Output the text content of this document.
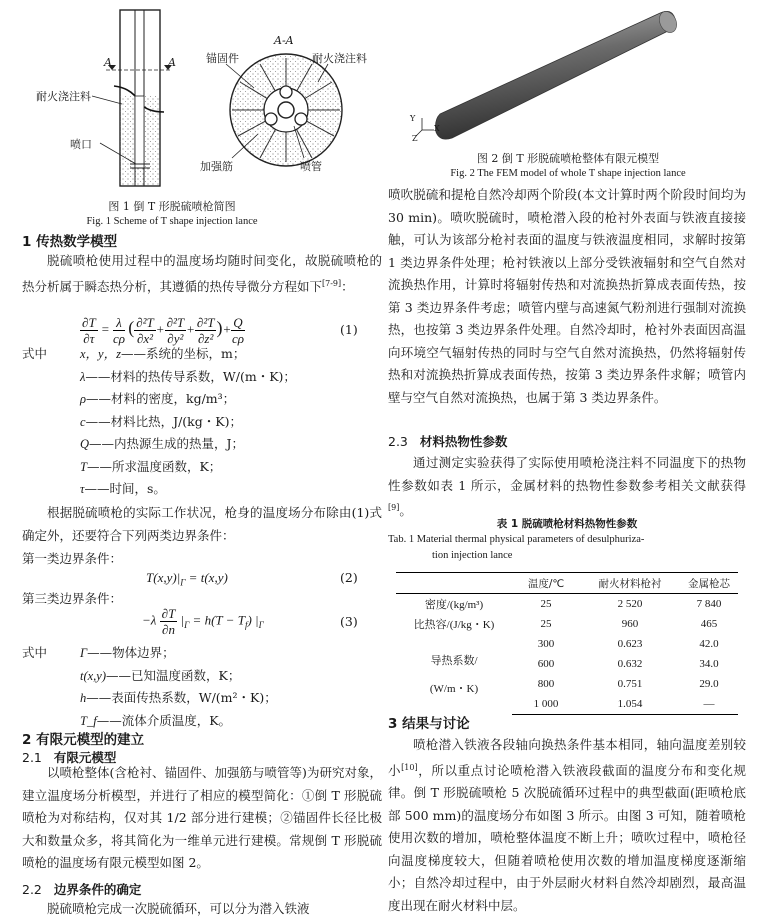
A	A
耐火浇注料
喷口
A-A
锚固件	耐火浇注料
加强筋	喷管
图 1 倒 T 形脱硫喷枪简图
Fig. 1 Scheme of T shape injection lance
Y
X
Z
图 2 倒 T 形脱硫喷枪整体有限元模型
Fig. 2 The FEM model of whole T shape injection lance
1 传热数学模型

脱硫喷枪使用过程中的温度场均随时间变化，故脱硫喷枪的热分析属于瞬态热分析，其遵循的热传导微分方程如下[7-9]：

$\frac{\partial T}{\partial\tau} = \frac{\lambda}{c\rho}$ ( $\frac{\text{∂²T}}{\text{∂x²}} + \frac{\text{∂²T}}{\text{∂y²}} + \frac{\text{∂²T}}{\text{∂z²}}$ )+ $\frac{Q}{c\rho}$	(1)
式中	x，y，z——系统的坐标，m；
λ——材料的热传导系数，W/(m・K)；
ρ——材料的密度，kg/m³；
c——材料比热，J/(kg・K)；
Q——内热源生成的热量，J；
T——所求温度函数，K；
τ——时间，s。

根据脱硫喷枪的实际工作状况，枪身的温度场分布除由(1)式确定外，还要符合下列两类边界条件：

第一类边界条件：
$T(x,y)|_\Gamma = t(x,y)$	(2)
第三类边界条件：
$-\lambda \frac{\partial T}{\partial n} |_\Gamma = h(T - T_f)$ $|_\Gamma$	(3)
式中	Γ——物体边界；
t(x,y)——已知温度函数，K；
h——表面传热系数，W/(m²・K)；
T_f——流体介质温度，K。
2 有限元模型的建立
2.1 有限元模型

以喷枪整体(含枪衬、锚固件、加强筋与喷管等)为研究对象，建立温度场分析模型，并进行了相应的模型简化：①倒 T 形脱硫喷枪为对称结构，仅对其 1/2 部分进行建模；②锚固件长径比极大和数量众多，将其简化为一维单元进行建模。常规倒 T 形脱硫喷枪的温度场有限元模型如图 2。

2.2 边界条件的确定

脱硫喷枪完成一次脱硫循环，可以分为潜入铁液

喷吹脱硫和提枪自然冷却两个阶段(本文计算时两个阶段时间均为 30 min)。喷吹脱硫时，喷枪潜入段的枪衬外表面与铁液直接接触，可认为该部分枪衬表面的温度与铁液温度相同，求解时按第 1 类边界条件处理；枪衬铁液以上部分受铁液辐射和空气自然对流换热作用，计算时将辐射传热和对流换热折算成表面传热，按第 3 类边界条件考虑；喷管内壁与高速氮气粉剂进行强制对流换热，也按第 3 类边界条件处理。自然冷却时，枪衬外表面因高温向环境空气辐射传热的同时与空气自然对流换热，仍然将辐射传热和对流换热折算成表面传热，按第 3 类边界条件求解；喷管内壁与空气自然对流换热，也属于第 3 类边界条件。

2.3 材料热物性参数

通过测定实验获得了实际使用喷枪浇注料不同温度下的热物性参数如表 1 所示，金属材料的热物性参数参考相关文献获得[9]。

表 1 脱硫喷枪材料热物性参数
Tab. 1 Material thermal physical parameters of desulphuriza-
tion injection lance
	温度/℃	耐火材料枪衬	金属枪芯
密度/(kg/m³)	25	2 520	7 840
比热容/(J/kg・K)	25	960	465
导热系数/

(W/m・K)	300	0.623	42.0
	600	0.632	34.0
	800	0.751	29.0
	1 000	1.054	—
3 结果与讨论

喷枪潜入铁液各段轴向换热条件基本相同，轴向温度差别较小[10]，所以重点讨论喷枪潜入铁液段截面的温度分布和变化规律。倒 T 形脱硫喷枪 5 次脱硫循环过程中的典型截面(距喷枪底部 500 mm)的温度场分布如图 3 所示。由图 3 可知，随着喷枪使用次数的增加，喷枪整体温度不断上升；喷吹过程中，喷枪径向温度梯度较大，但随着喷枪使用次数的增加温度梯度逐渐缩小；自然冷却过程中，由于外层耐火材料自然冷却剧烈，最高温度出现在耐火材料中层。
